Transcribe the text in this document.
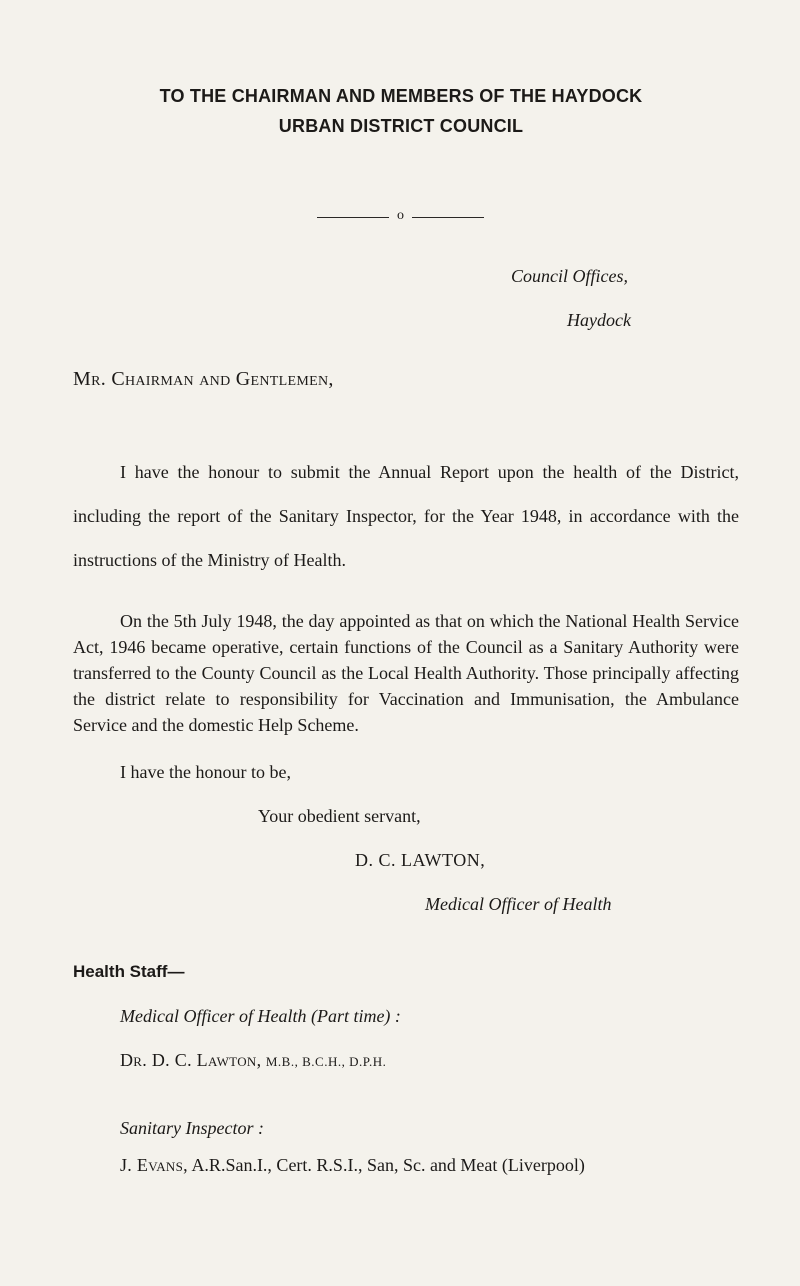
TO THE CHAIRMAN AND MEMBERS OF THE HAYDOCK
URBAN DISTRICT COUNCIL
o
Council Offices,
Haydock
Mr. Chairman and Gentlemen,

I have the honour to submit the Annual Report upon the health of the District, including the report of the Sanitary Inspector, for the Year 1948, in accordance with the instructions of the Ministry of Health.

On the 5th July 1948, the day appointed as that on which the National Health Service Act, 1946 became operative, certain functions of the Council as a Sanitary Authority were transferred to the County Council as the Local Health Authority. Those principally affecting the district relate to responsibility for Vaccination and Immunisation, the Ambulance Service and the domestic Help Scheme.

I have the honour to be,
Your obedient servant,
D. C. LAWTON,
Medical Officer of Health
Health Staff—
Medical Officer of Health (Part time) :
Dr. D. C. Lawton, M.B., B.C.H., D.P.H.
Sanitary Inspector :
J. Evans, A.R.San.I., Cert. R.S.I., San, Sc. and Meat (Liverpool)
